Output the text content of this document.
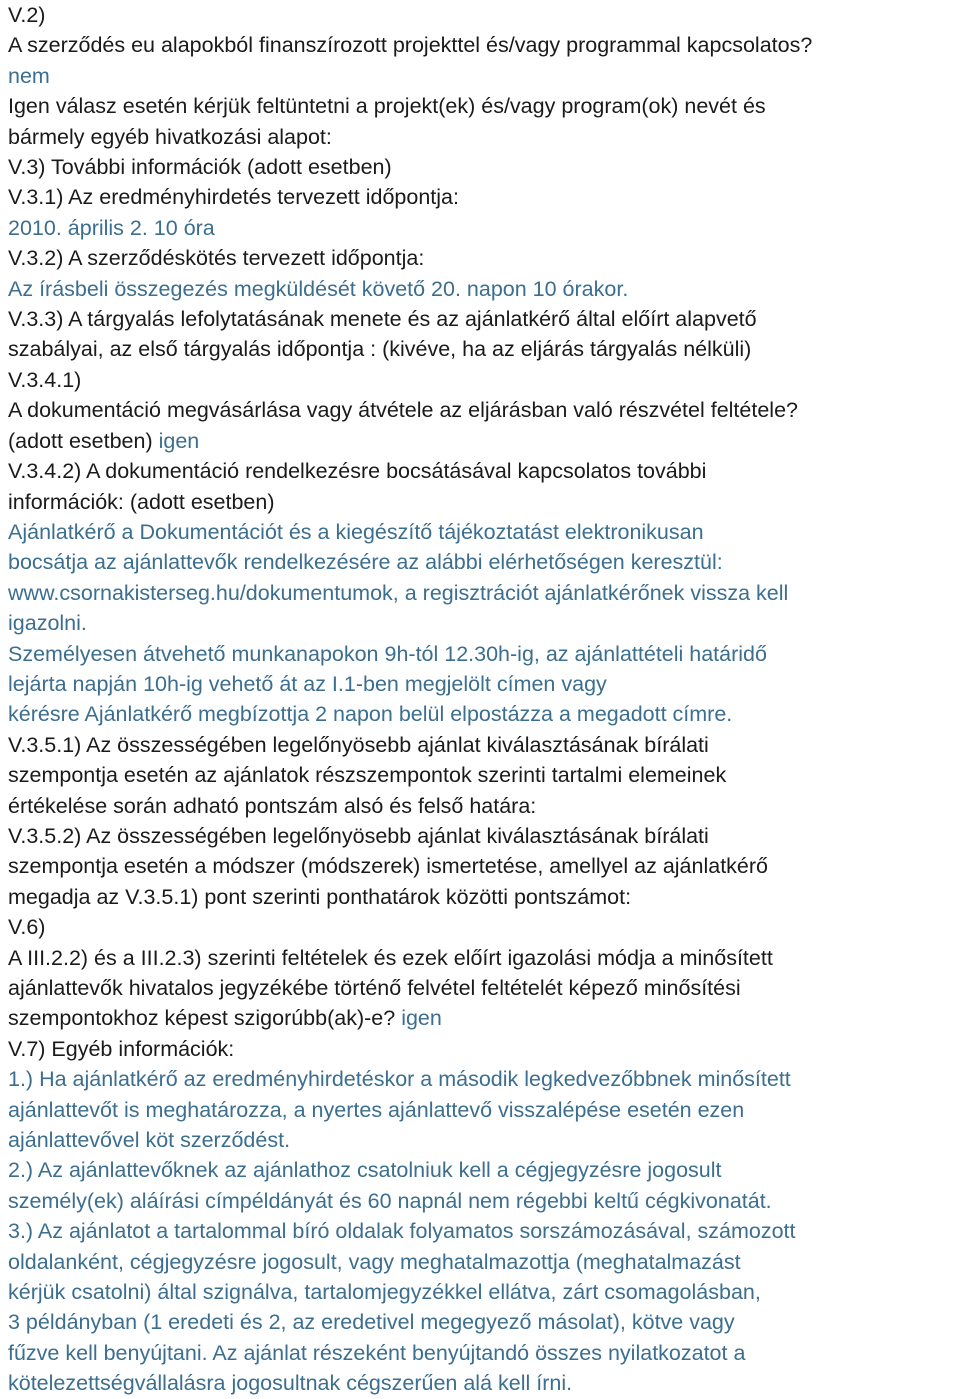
V.2)
A szerződés eu alapokból finanszírozott projekttel és/vagy programmal kapcsolatos?
nem
Igen válasz esetén kérjük feltüntetni a projekt(ek) és/vagy program(ok) nevét és
bármely egyéb hivatkozási alapot:
V.3) További információk (adott esetben)
V.3.1) Az eredményhirdetés tervezett időpontja:
2010. április 2. 10 óra
V.3.2) A szerződéskötés tervezett időpontja:
Az írásbeli összegezés megküldését követő 20. napon 10 órakor.
V.3.3) A tárgyalás lefolytatásának menete és az ajánlatkérő által előírt alapvető
szabályai, az első tárgyalás időpontja : (kivéve, ha az eljárás tárgyalás nélküli)
V.3.4.1)
A dokumentáció megvásárlása vagy átvétele az eljárásban való részvétel feltétele?
(adott esetben) igen
V.3.4.2) A dokumentáció rendelkezésre bocsátásával kapcsolatos további
információk: (adott esetben)
Ajánlatkérő a Dokumentációt és a kiegészítő tájékoztatást elektronikusan
bocsátja az ajánlattevők rendelkezésére az alábbi elérhetőségen keresztül:
www.csornakisterseg.hu/dokumentumok, a regisztrációt ajánlatkérőnek vissza kell
igazolni.
Személyesen átvehető munkanapokon 9h-tól 12.30h-ig, az ajánlattételi határidő
lejárta napján 10h-ig vehető át az I.1-ben megjelölt címen vagy
kérésre Ajánlatkérő megbízottja 2 napon belül elpostázza a megadott címre.
V.3.5.1) Az összességében legelőnyösebb ajánlat kiválasztásának bírálati
szempontja esetén az ajánlatok részszempontok szerinti tartalmi elemeinek
értékelése során adható pontszám alsó és felső határa:
V.3.5.2) Az összességében legelőnyösebb ajánlat kiválasztásának bírálati
szempontja esetén a módszer (módszerek) ismertetése, amellyel az ajánlatkérő
megadja az V.3.5.1) pont szerinti ponthatárok közötti pontszámot:
V.6)
A III.2.2) és a III.2.3) szerinti feltételek és ezek előírt igazolási módja a minősített
ajánlattevők hivatalos jegyzékébe történő felvétel feltételét képező minősítési
szempontokhoz képest szigorúbb(ak)-e? igen
V.7) Egyéb információk:
1.) Ha ajánlatkérő az eredményhirdetéskor a második legkedvezőbbnek minősített
ajánlattevőt is meghatározza, a nyertes ajánlattevő visszalépése esetén ezen
ajánlattevővel köt szerződést.
2.) Az ajánlattevőknek az ajánlathoz csatolniuk kell a cégjegyzésre jogosult
személy(ek) aláírási címpéldányát és 60 napnál nem régebbi keltű cégkivonatát.
3.) Az ajánlatot a tartalommal bíró oldalak folyamatos sorszámozásával, számozott
oldalanként, cégjegyzésre jogosult, vagy meghatalmazottja (meghatalmazást
kérjük csatolni) által szignálva, tartalomjegyzékkel ellátva, zárt csomagolásban,
3 példányban (1 eredeti és 2, az eredetivel megegyező másolat), kötve vagy
fűzve kell benyújtani. Az ajánlat részeként benyújtandó összes nyilatkozatot a
kötelezettségvállalásra jogosultnak cégszerűen alá kell írni.
